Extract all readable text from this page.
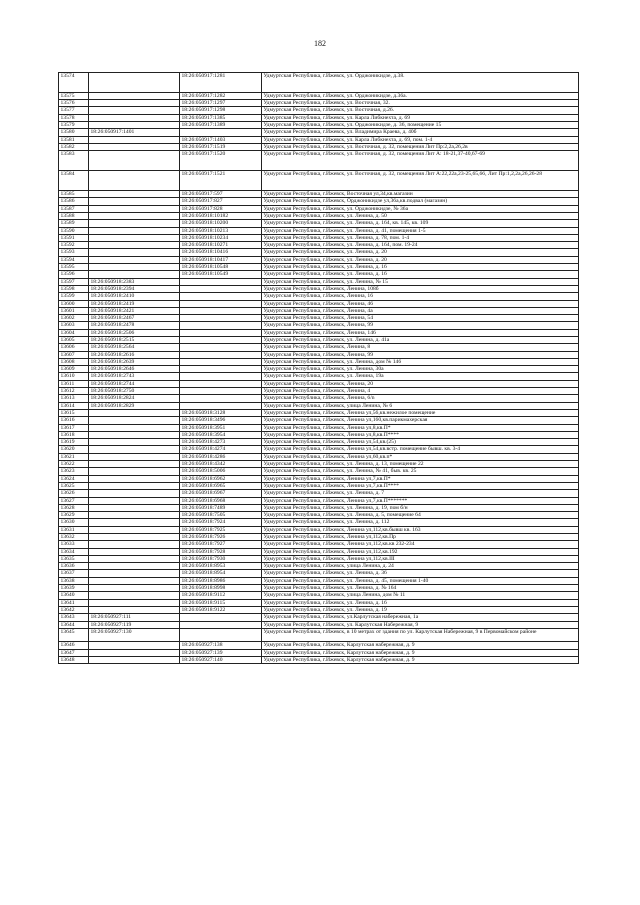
182
13574		18:26:050917:1281	Удмуртская Республика, г.Ижевск, ул. Орджоникидзе, д.38.
13575		18:26:050917:1282	Удмуртская Республика, г.Ижевск, ул. Орджоникидзе, д.36а.
13576		18:26:050917:1297	Удмуртская Республика, г.Ижевск, ул. Восточная, 32.
13577		18:26:050917:1298	Удмуртская Республика, г.Ижевск, ул. Восточная, д.26.
13578		18:26:050917:1385	Удмуртская Республика, г.Ижевск, ул. Карла Либкнехта, д. 69
13579		18:26:050917:1389	Удмуртская Республика, г.Ижевск, ул. Орджоникидзе, д. 36, помещение 15
13580	18:26:050917:1401		Удмуртская Республика, г.Ижевск, ул. Владимира Краева, д. 40б
13581		18:26:050917:1403	Удмуртская Республика, г.Ижевск, ул. Карла Либкнехта, д. 69, пом. 1-4
13582		18:26:050917:1519	Удмуртская Республика, г.Ижевск, ул. Восточная, д. 32, помещения Лит Пр:2,2а,26,2в
13583		18:26:050917:1520	Удмуртская Республика, г.Ижевск, ул. Восточная, д. 32, помещения Лит А: 18-21,37-40,67-69
13584		18:26:050917:1521	Удмуртская Республика, г.Ижевск, ул. Восточная, д. 32, помещения Лит А:22,22а,23-25,65,66, Лит Пр:1,2,2а,26,26-28
13585		18:26:050917:597	Удмуртская Республика, г.Ижевск, Восточная ул,34,кв.магазин
13586		18:26:050917:827	Удмуртская Республика, г.Ижевск, Орджоникидзе ул,36а,кв.подвал (магазин)
13587		18:26:050917:828	Удмуртская Республика, г.Ижевск, ул. Орджоникидзе, № 36а
13588		18:26:050918:10182	Удмуртская Республика, г.Ижевск, ул. Ленина, д. 50
13589		18:26:050918:10200	Удмуртская Республика, г.Ижевск, ул. Ленина, д. 164, кв. 145, кв. 109
13590		18:26:050918:10213	Удмуртская Республика, г.Ижевск, ул. Ленина, д. 41, помещения 1-5
13591		18:26:050918:10234	Удмуртская Республика, г.Ижевск, ул. Ленина, д. 78, пом. 1-4
13592		18:26:050918:10271	Удмуртская Республика, г.Ижевск, ул. Ленина, д. 164, пом. 19-24
13593		18:26:050918:10416	Удмуртская Республика, г.Ижевск, ул. Ленина, д. 20
13594		18:26:050918:10417	Удмуртская Республика, г.Ижевск, ул. Ленина, д. 20
13595		18:26:050918:10548	Удмуртская Республика, г.Ижевск, ул. Ленина, д. 16
13596		18:26:050918:10549	Удмуртская Республика, г.Ижевск, ул. Ленина, д. 16
13597	18:26:050918:2383		Удмуртская Республика, г.Ижевск, ул. Ленина, № 15
13598	18:26:050918:2394		Удмуртская Республика, г.Ижевск, Ленина, 108б
13599	18:26:050918:2410		Удмуртская Республика, г.Ижевск, Ленина, 16
13600	18:26:050918:2419		Удмуртская Республика, г.Ижевск, Ленина, 46
13601	18:26:050918:2421		Удмуртская Республика, г.Ижевск, Ленина, 4а
13602	18:26:050918:2467		Удмуртская Республика, г.Ижевск, Ленина, 54
13603	18:26:050918:2478		Удмуртская Республика, г.Ижевск, Ленина, 99
13604	18:26:050918:2506		Удмуртская Республика, г.Ижевск, Ленина, 146
13605	18:26:050918:2515		Удмуртская Республика, г.Ижевск, ул. Ленина, д. 41а
13606	18:26:050918:2564		Удмуртская Республика, г.Ижевск, Ленина, 8
13607	18:26:050918:2616		Удмуртская Республика, г.Ижевск, Ленина, 99
13608	18:26:050918:2639		Удмуртская Республика, г.Ижевск, ул. Ленина, дом № 146
13609	18:26:050918:2646		Удмуртская Республика, г.Ижевск, ул. Ленина, 30а
13610	18:26:050918:2743		Удмуртская Республика, г.Ижевск, ул. Ленина, 19а
13611	18:26:050918:2744		Удмуртская Республика, г.Ижевск, Ленина, 20
13612	18:26:050918:2750		Удмуртская Республика, г.Ижевск, Ленина, 4
13613	18:26:050918:2824		Удмуртская Республика, г.Ижевск, Ленина, 6/n
13614	18:26:050918:2829		Удмуртская Республика, г.Ижевск, улица Ленина, № 6
13615		18:26:050918:3128	Удмуртская Республика, г.Ижевск, Ленина ул,56,кв.нежилое помещение
13616		18:26:050918:3496	Удмуртская Республика, г.Ижевск, Ленина ул,160,кв.парикмахерская
13617		18:26:050918:3951	Удмуртская Республика, г.Ижевск, Ленина ул,8,кв.П*
13618		18:26:050918:3954	Удмуртская Республика, г.Ижевск, Ленина ул,8,кв.П****
13619		18:26:050918:4273	Удмуртская Республика, г.Ижевск, Ленина ул,54,кв.(25)
13620		18:26:050918:4274	Удмуртская Республика, г.Ижевск, Ленина ул,54,кв.встр. помещение бывш. кв. 3-4
13621		18:26:050918:4286	Удмуртская Республика, г.Ижевск, Ленина ул,60,кв.п*
13622		18:26:050918:4342	Удмуртская Республика, г.Ижевск, ул. Ленина, д. 13, помещение 22
13623		18:26:050918:5006	Удмуртская Республика, г.Ижевск, ул. Ленина, № 41, быв. кв. 25
13624		18:26:050918:6962	Удмуртская Республика, г.Ижевск, Ленина ул,7,кв.П*
13625		18:26:050918:6965	Удмуртская Республика, г.Ижевск, Ленина ул,7,кв.П****
13626		18:26:050918:6967	Удмуртская Республика, г.Ижевск, ул. Ленина, д. 7
13627		18:26:050918:6968	Удмуртская Республика, г.Ижевск, Ленина ул,7,кв.П*******
13628		18:26:050918:7489	Удмуртская Республика, г.Ижевск, ул. Ленина, д. 19, пом б/н
13629		18:26:050918:7505	Удмуртская Республика, г.Ижевск, ул. Ленина, д. 5, помещение 64
13630		18:26:050918:7924	Удмуртская Республика, г.Ижевск, ул. Ленина, д. 112
13631		18:26:050918:7925	Удмуртская Республика, г.Ижевск, Ленина ул,112,кв.бывш кв. 163
13632		18:26:050918:7926	Удмуртская Республика, г.Ижевск, Ленина ул,112,кв.Пр
13633		18:26:050918:7927	Удмуртская Республика, г.Ижевск, Ленина ул,112,кв.кв 232-234
13634		18:26:050918:7928	Удмуртская Республика, г.Ижевск, Ленина ул,112,кв.192
13635		18:26:050918:7930	Удмуртская Республика, г.Ижевск, Ленина ул,112,кв.III
13636		18:26:050918:8953	Удмуртская Республика, г.Ижевск, улица Ленина, д. 24
13637		18:26:050918:8954	Удмуртская Республика, г.Ижевск, ул. Ленина, д. 36
13638		18:26:050918:8986	Удмуртская Республика, г.Ижевск, ул. Ленина, д. 45, помещения 1-40
13639		18:26:050918:8998	Удмуртская Республика, г.Ижевск, ул. Ленина, д. № 164
13640		18:26:050918:9112	Удмуртская Республика, г.Ижевск, улица Ленина, дом № 11
13641		18:26:050918:9115	Удмуртская Республика, г.Ижевск, ул. Ленина, д. 16
13642		18:26:050918:9122	Удмуртская Республика, г.Ижевск, ул. Ленина, д. 19
13643	18:26:050927:111		Удмуртская Республика, г.Ижевск, ул.Карлутская набережная, 1а
13644	18:26:050927:119		Удмуртская Республика, г.Ижевск, ул. Карлутская Набережная, 9
13645	18:26:050927:130		Удмуртская Республика, г.Ижевск, в 10 метрах от здания по ул. Карлутская Набережная, 9 в Первомайском районе
13646		18:26:050927:138	Удмуртская Республика, г.Ижевск, Карлутская набережная, д. 9
13647		18:26:050927:139	Удмуртская Республика, г.Ижевск, Карлутская набережная, д. 9
13648		18:26:050927:140	Удмуртская Республика, г.Ижевск, Карлутская набережная, д. 9
